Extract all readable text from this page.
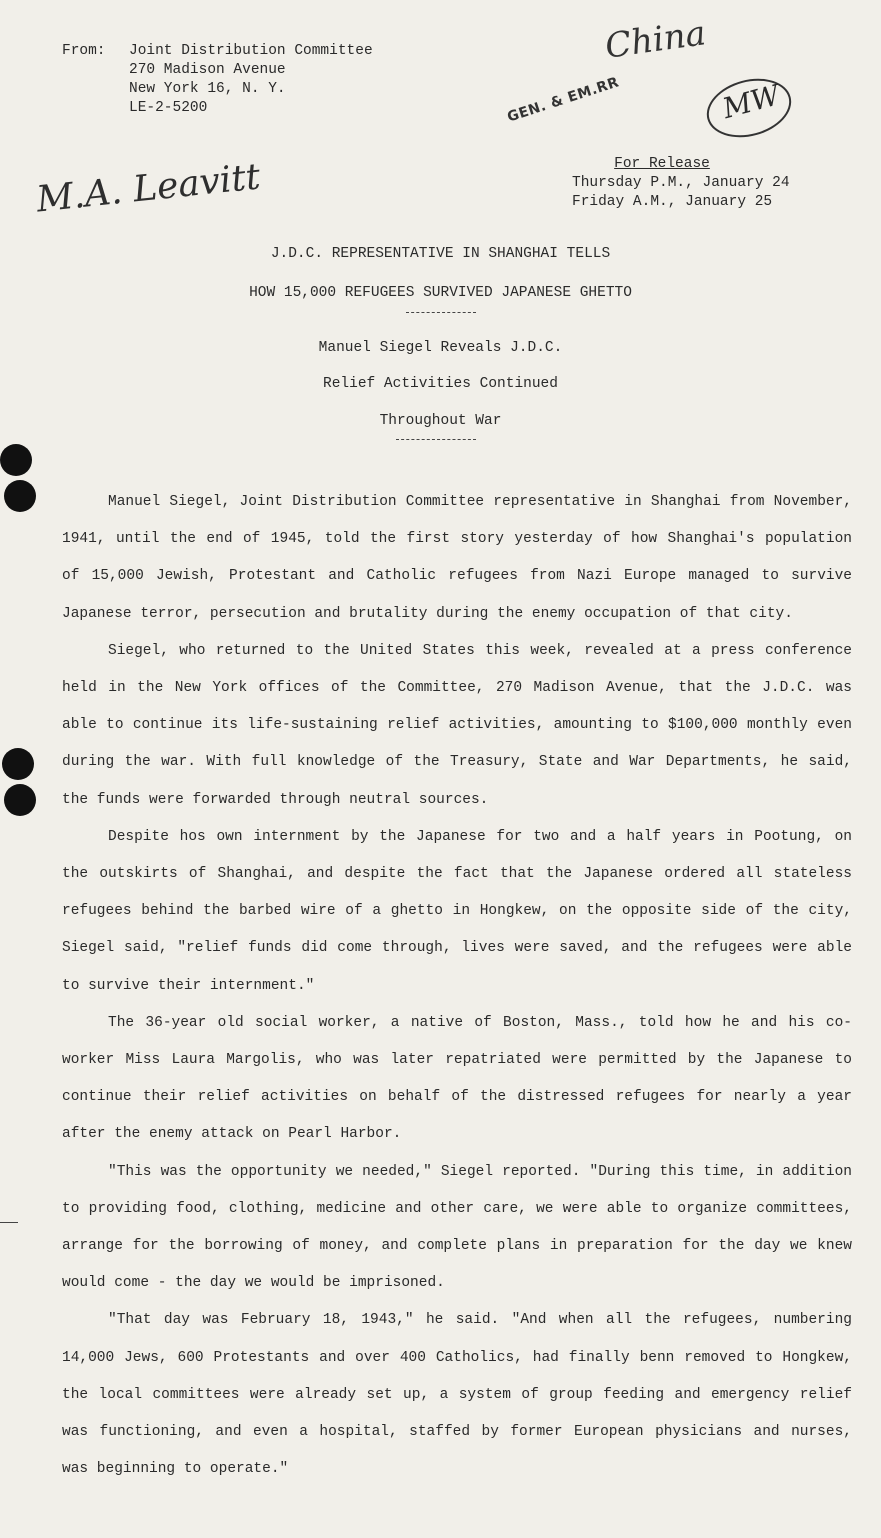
From: Joint Distribution Committee
270 Madison Avenue
New York 16, N. Y.
LE-2-5200
China
MW
GEN. & EM.RR
M.A. Leavitt	For Release
Thursday P.M., January 24
Friday A.M., January 25
J.D.C. REPRESENTATIVE IN SHANGHAI TELLS
HOW 15,000 REFUGEES SURVIVED JAPANESE GHETTO
Manuel Siegel Reveals J.D.C.
Relief Activities Continued
Throughout War

Manuel Siegel, Joint Distribution Committee representative in Shanghai from November, 1941, until the end of 1945, told the first story yesterday of how Shanghai's population of 15,000 Jewish, Protestant and Catholic refugees from Nazi Europe managed to survive Japanese terror, persecution and brutality during the enemy occupation of that city.

Siegel, who returned to the United States this week, revealed at a press conference held in the New York offices of the Committee, 270 Madison Avenue, that the J.D.C. was able to continue its life-sustaining relief activities, amounting to $100,000 monthly even during the war. With full knowledge of the Treasury, State and War Departments, he said, the funds were forwarded through neutral sources.

Despite hos own internment by the Japanese for two and a half years in Pootung, on the outskirts of Shanghai, and despite the fact that the Japanese ordered all stateless refugees behind the barbed wire of a ghetto in Hongkew, on the opposite side of the city, Siegel said, "relief funds did come through, lives were saved, and the refugees were able to survive their internment."

The 36-year old social worker, a native of Boston, Mass., told how he and his co-worker Miss Laura Margolis, who was later repatriated were permitted by the Japanese to continue their relief activities on behalf of the distressed refugees for nearly a year after the enemy attack on Pearl Harbor.

"This was the opportunity we needed," Siegel reported. "During this time, in addition to providing food, clothing, medicine and other care, we were able to organize committees, arrange for the borrowing of money, and complete plans in preparation for the day we knew would come - the day we would be imprisoned.

"That day was February 18, 1943," he said. "And when all the refugees, numbering 14,000 Jews, 600 Protestants and over 400 Catholics, had finally benn removed to Hongkew, the local committees were already set up, a system of group feeding and emergency relief was functioning, and even a hospital, staffed by former European physicians and nurses, was beginning to operate."
